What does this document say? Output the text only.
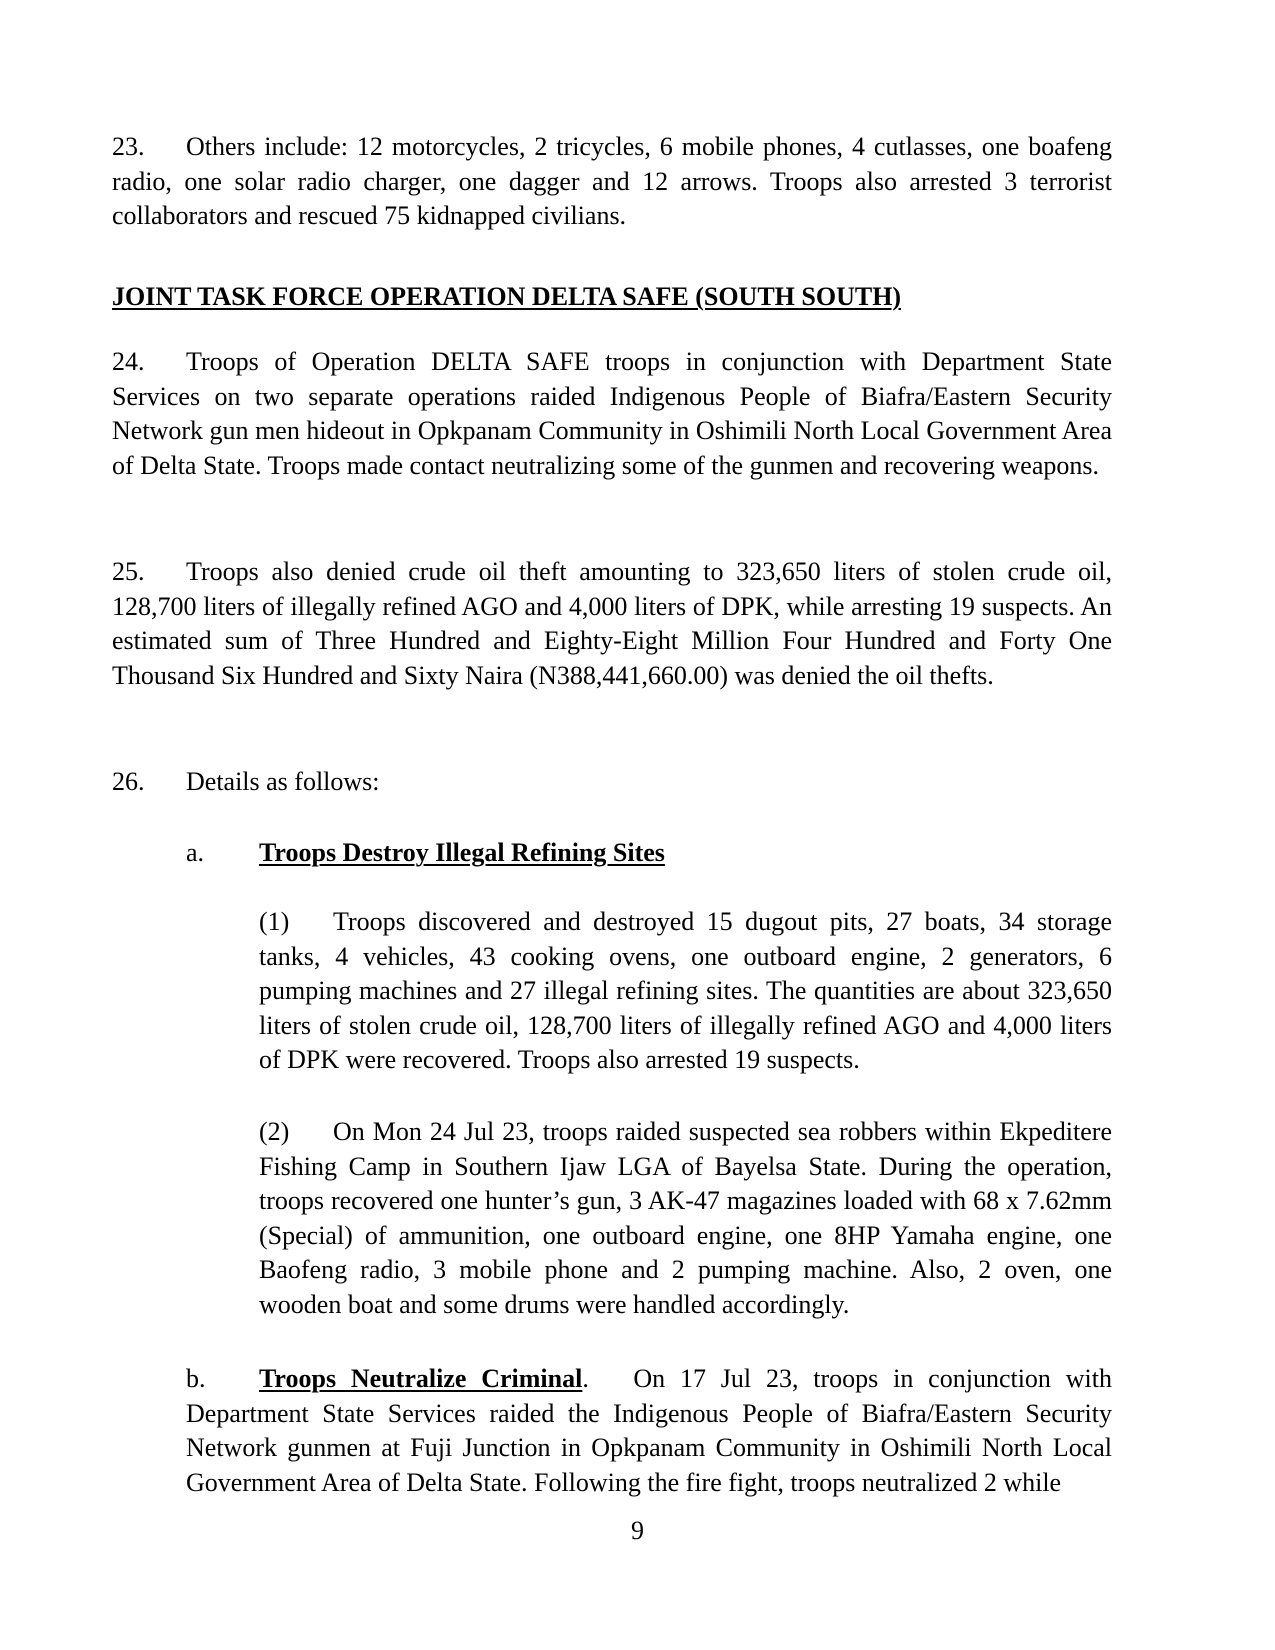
23. Others include: 12 motorcycles, 2 tricycles, 6 mobile phones, 4 cutlasses, one boafeng radio, one solar radio charger, one dagger and 12 arrows. Troops also arrested 3 terrorist collaborators and rescued 75 kidnapped civilians.

JOINT TASK FORCE OPERATION DELTA SAFE (SOUTH SOUTH)

24. Troops of Operation DELTA SAFE troops in conjunction with Department State Services on two separate operations raided Indigenous People of Biafra/Eastern Security Network gun men hideout in Opkpanam Community in Oshimili North Local Government Area of Delta State. Troops made contact neutralizing some of the gunmen and recovering weapons.

25. Troops also denied crude oil theft amounting to 323,650 liters of stolen crude oil, 128,700 liters of illegally refined AGO and 4,000 liters of DPK, while arresting 19 suspects. An estimated sum of Three Hundred and Eighty-Eight Million Four Hundred and Forty One Thousand Six Hundred and Sixty Naira (N388,441,660.00) was denied the oil thefts.

26. Details as follows:

a. Troops Destroy Illegal Refining Sites

(1) Troops discovered and destroyed 15 dugout pits, 27 boats, 34 storage tanks, 4 vehicles, 43 cooking ovens, one outboard engine, 2 generators, 6 pumping machines and 27 illegal refining sites. The quantities are about 323,650 liters of stolen crude oil, 128,700 liters of illegally refined AGO and 4,000 liters of DPK were recovered. Troops also arrested 19 suspects.

(2) On Mon 24 Jul 23, troops raided suspected sea robbers within Ekpeditere Fishing Camp in Southern Ijaw LGA of Bayelsa State. During the operation, troops recovered one hunter’s gun, 3 AK-47 magazines loaded with 68 x 7.62mm (Special) of ammunition, one outboard engine, one 8HP Yamaha engine, one Baofeng radio, 3 mobile phone and 2 pumping machine. Also, 2 oven, one wooden boat and some drums were handled accordingly.

b.	Troops Neutralize Criminal. On 17 Jul 23, troops in conjunction with Department State Services raided the Indigenous People of Biafra/Eastern Security Network gunmen at Fuji Junction in Opkpanam Community in Oshimili North Local Government Area of Delta State. Following the fire fight, troops neutralized 2 while

9
